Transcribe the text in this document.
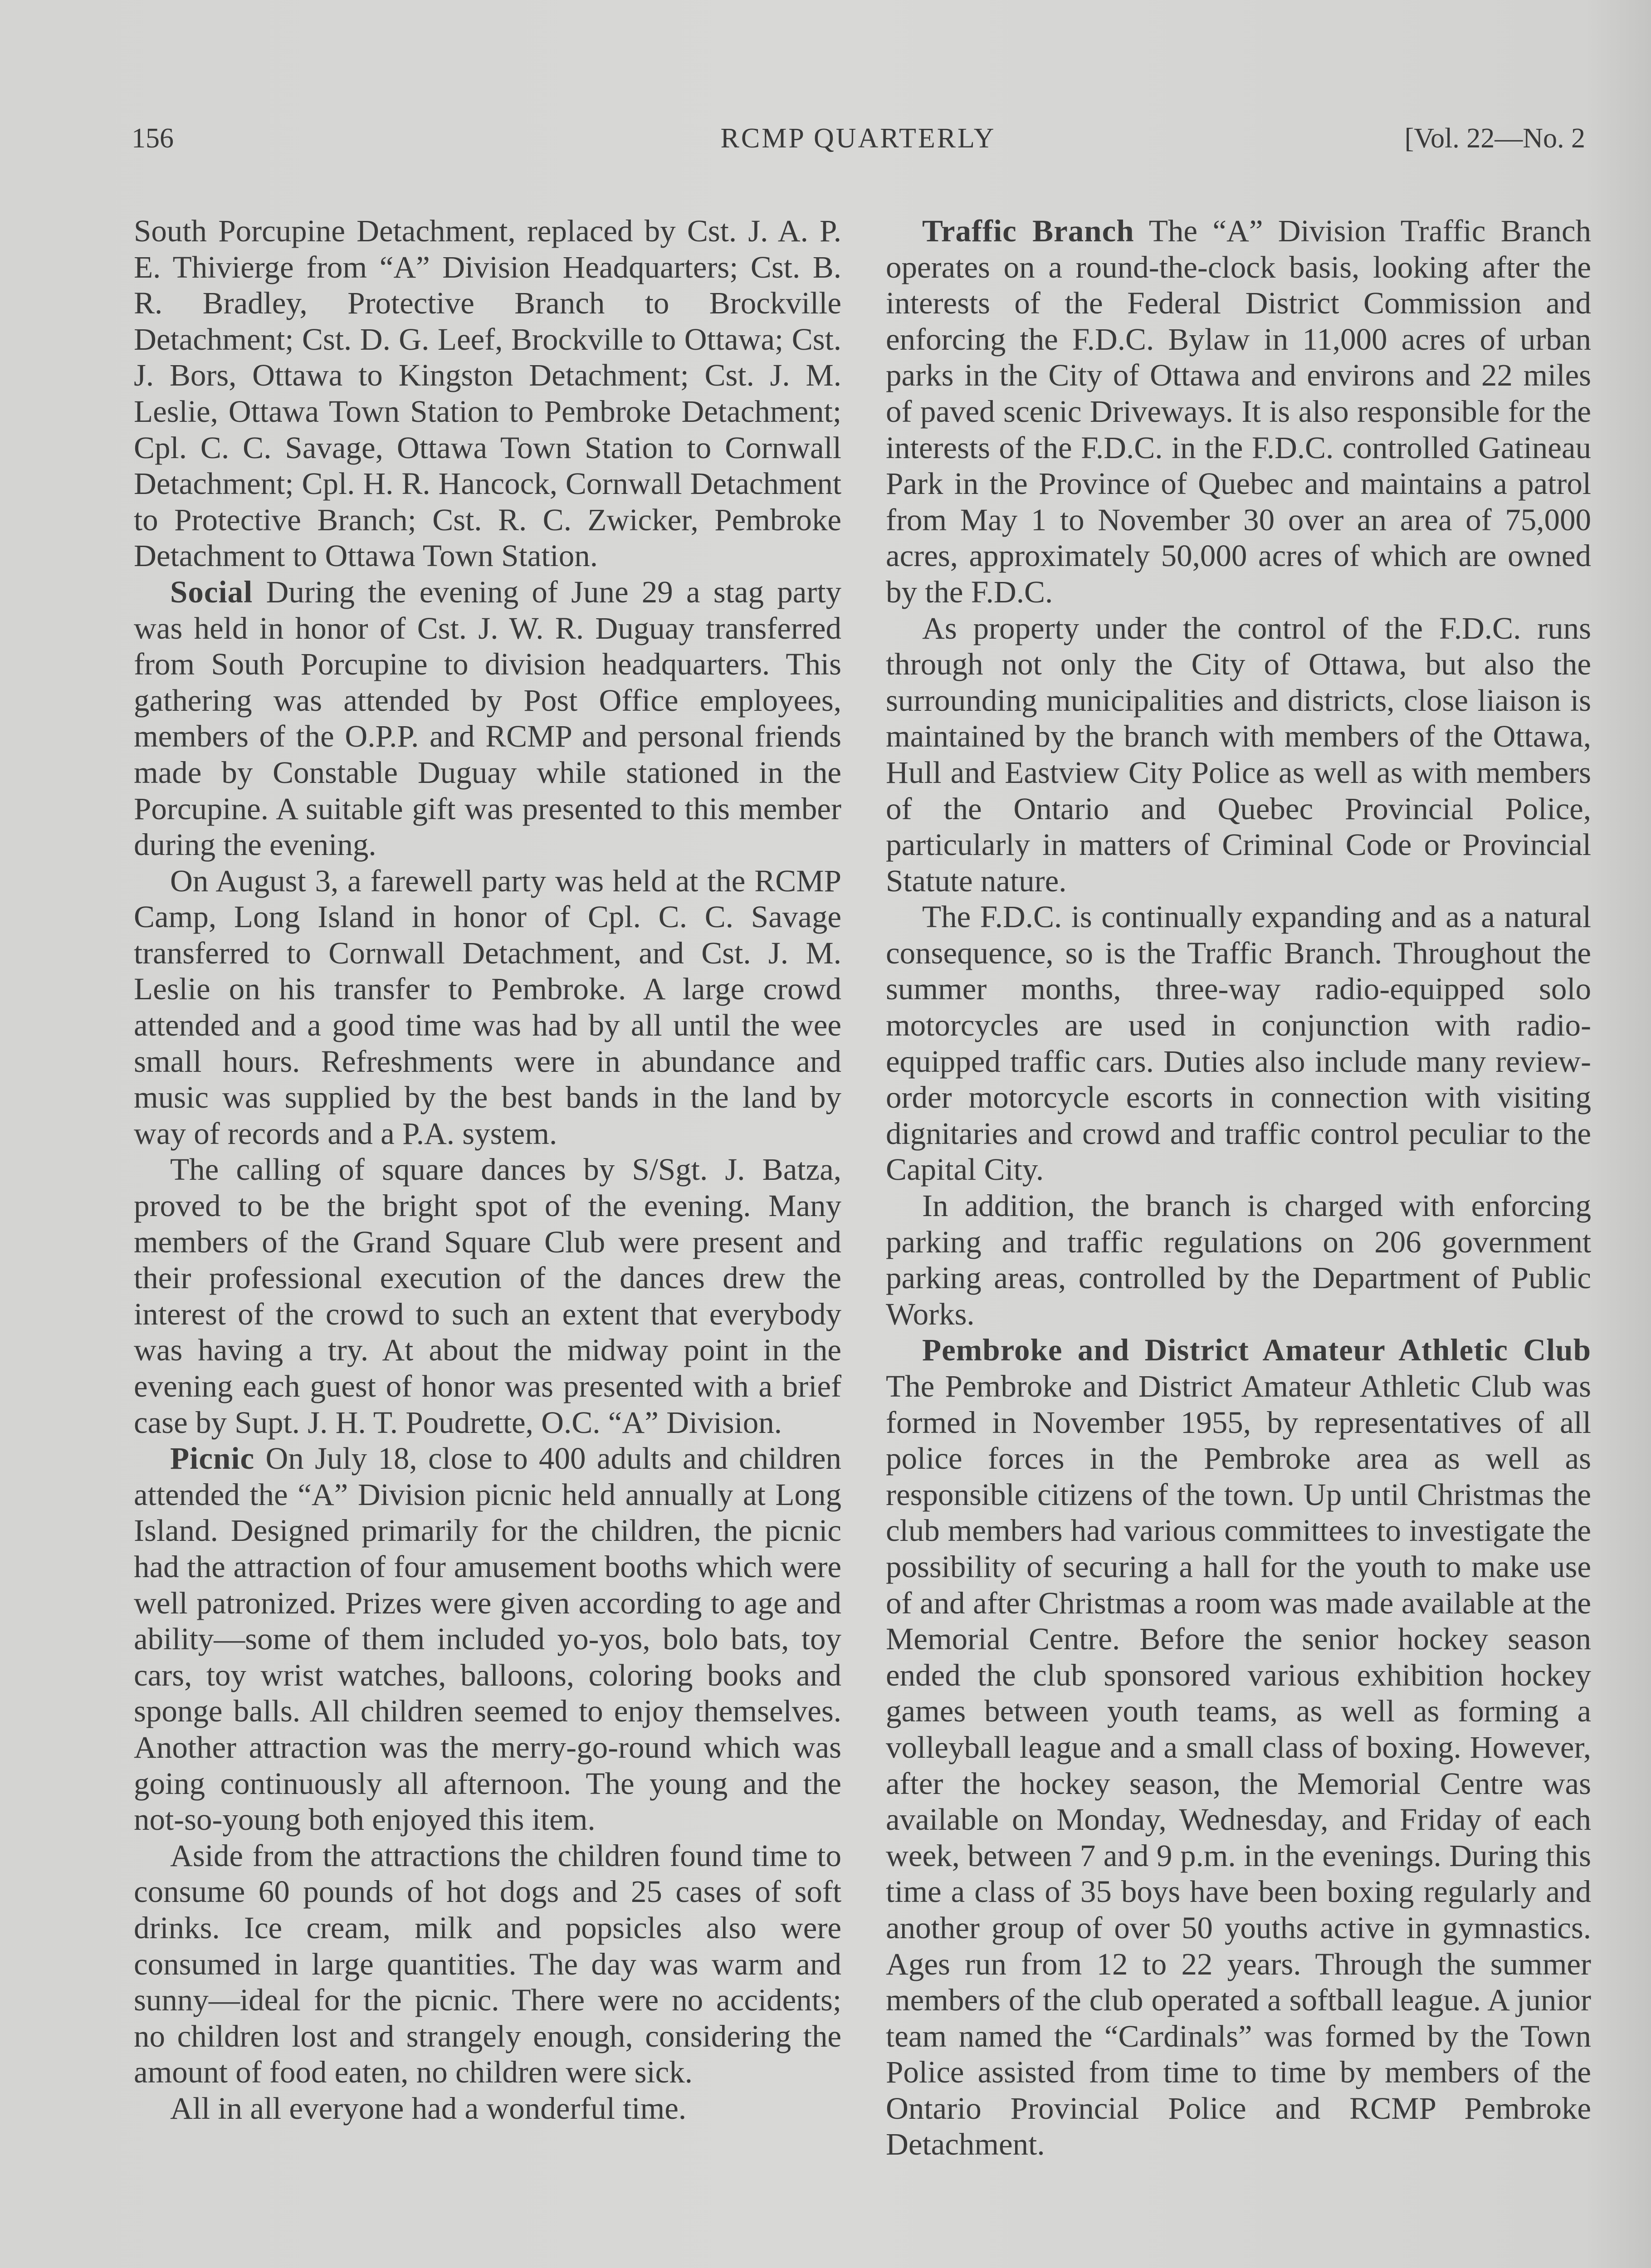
156	RCMP QUARTERLY	[Vol. 22—No. 2

South Porcupine Detachment, replaced by Cst. J. A. P. E. Thivierge from “A” Division Headquarters; Cst. B. R. Bradley, Protective Branch to Brockville Detachment; Cst. D. G. Leef, Brockville to Ottawa; Cst. J. Bors, Ottawa to Kingston Detachment; Cst. J. M. Leslie, Ottawa Town Station to Pembroke Detachment; Cpl. C. C. Savage, Ottawa Town Station to Cornwall Detachment; Cpl. H. R. Hancock, Cornwall Detachment to Protective Branch; Cst. R. C. Zwicker, Pembroke Detachment to Ottawa Town Station.

Social During the evening of June 29 a stag party was held in honor of Cst. J. W. R. Duguay transferred from South Porcupine to division headquarters. This gathering was attended by Post Office employees, members of the O.P.P. and RCMP and personal friends made by Constable Duguay while stationed in the Porcupine. A suitable gift was presented to this member during the evening.

On August 3, a farewell party was held at the RCMP Camp, Long Island in honor of Cpl. C. C. Savage transferred to Cornwall Detachment, and Cst. J. M. Leslie on his transfer to Pembroke. A large crowd attended and a good time was had by all until the wee small hours. Refreshments were in abundance and music was supplied by the best bands in the land by way of records and a P.A. system.

The calling of square dances by S/Sgt. J. Batza, proved to be the bright spot of the evening. Many members of the Grand Square Club were present and their professional execution of the dances drew the interest of the crowd to such an extent that everybody was having a try. At about the midway point in the evening each guest of honor was presented with a brief case by Supt. J. H. T. Poudrette, O.C. “A” Division.

Picnic On July 18, close to 400 adults and children attended the “A” Division picnic held annually at Long Island. Designed primarily for the children, the picnic had the attraction of four amusement booths which were well patronized. Prizes were given according to age and ability—some of them included yo-yos, bolo bats, toy cars, toy wrist watches, balloons, coloring books and sponge balls. All children seemed to enjoy themselves. Another attraction was the merry-go-round which was going continuously all afternoon. The young and the not-so-young both enjoyed this item.

Aside from the attractions the children found time to consume 60 pounds of hot dogs and 25 cases of soft drinks. Ice cream, milk and popsicles also were consumed in large quantities. The day was warm and sunny—ideal for the picnic. There were no accidents; no children lost and strangely enough, considering the amount of food eaten, no children were sick.

All in all everyone had a wonderful time.

Traffic Branch The “A” Division Traffic Branch operates on a round-the-clock basis, looking after the interests of the Federal District Commission and enforcing the F.D.C. Bylaw in 11,000 acres of urban parks in the City of Ottawa and environs and 22 miles of paved scenic Driveways. It is also responsible for the interests of the F.D.C. in the F.D.C. controlled Gatineau Park in the Province of Quebec and maintains a patrol from May 1 to November 30 over an area of 75,000 acres, approximately 50,000 acres of which are owned by the F.D.C.

As property under the control of the F.D.C. runs through not only the City of Ottawa, but also the surrounding municipalities and districts, close liaison is maintained by the branch with members of the Ottawa, Hull and Eastview City Police as well as with members of the Ontario and Quebec Provincial Police, particularly in matters of Criminal Code or Provincial Statute nature.

The F.D.C. is continually expanding and as a natural consequence, so is the Traffic Branch. Throughout the summer months, three-way radio-equipped solo motorcycles are used in conjunction with radio-equipped traffic cars. Duties also include many review-order motorcycle escorts in connection with visiting dignitaries and crowd and traffic control peculiar to the Capital City.

In addition, the branch is charged with enforcing parking and traffic regulations on 206 government parking areas, controlled by the Department of Public Works.

Pembroke and District Amateur Athletic Club The Pembroke and District Amateur Athletic Club was formed in November 1955, by representatives of all police forces in the Pembroke area as well as responsible citizens of the town. Up until Christmas the club members had various committees to investigate the possibility of securing a hall for the youth to make use of and after Christmas a room was made available at the Memorial Centre. Before the senior hockey season ended the club sponsored various exhibition hockey games between youth teams, as well as forming a volleyball league and a small class of boxing. However, after the hockey season, the Memorial Centre was available on Monday, Wednesday, and Friday of each week, between 7 and 9 p.m. in the evenings. During this time a class of 35 boys have been boxing regularly and another group of over 50 youths active in gymnastics. Ages run from 12 to 22 years. Through the summer members of the club operated a softball league. A junior team named the “Cardinals” was formed by the Town Police assisted from time to time by members of the Ontario Provincial Police and RCMP Pembroke Detachment.
